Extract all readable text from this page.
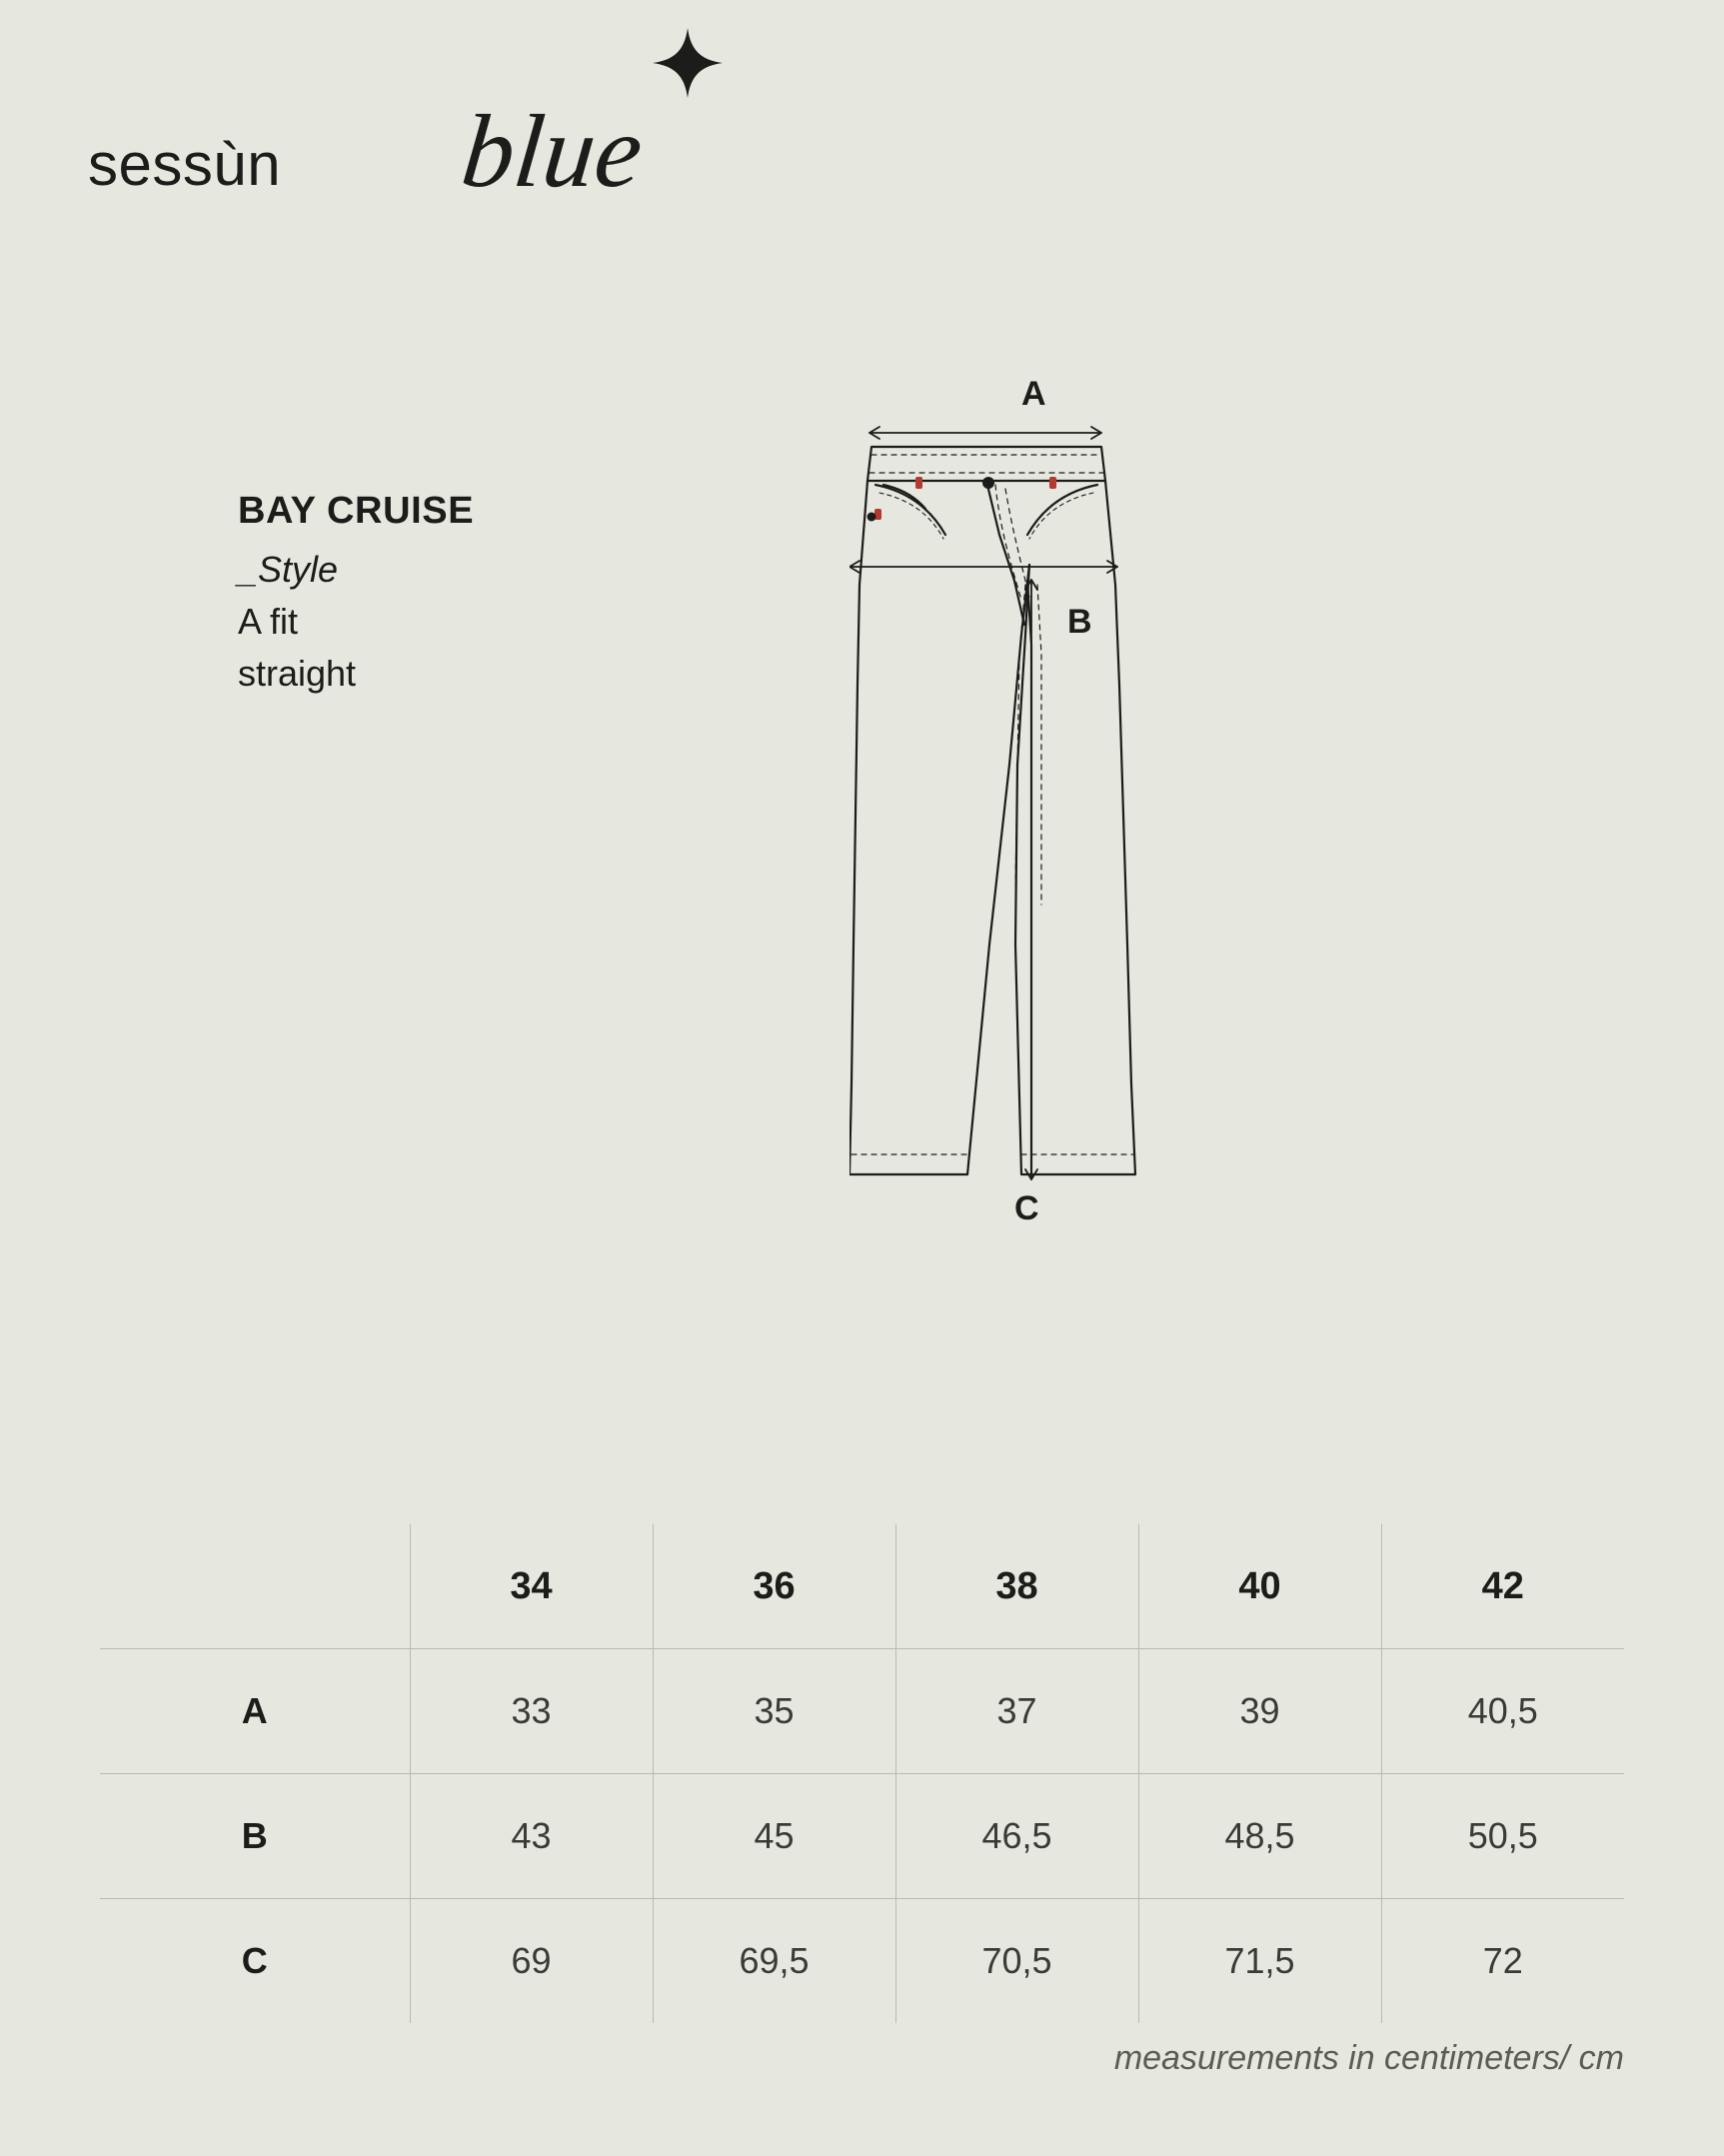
sessùn blue

BAY CRUISE

_Style

A fit

straight

A
B
C
	34	36	38	40	42
A	33	35	37	39	40,5
B	43	45	46,5	48,5	50,5
C	69	69,5	70,5	71,5	72
measurements in centimeters/ cm
